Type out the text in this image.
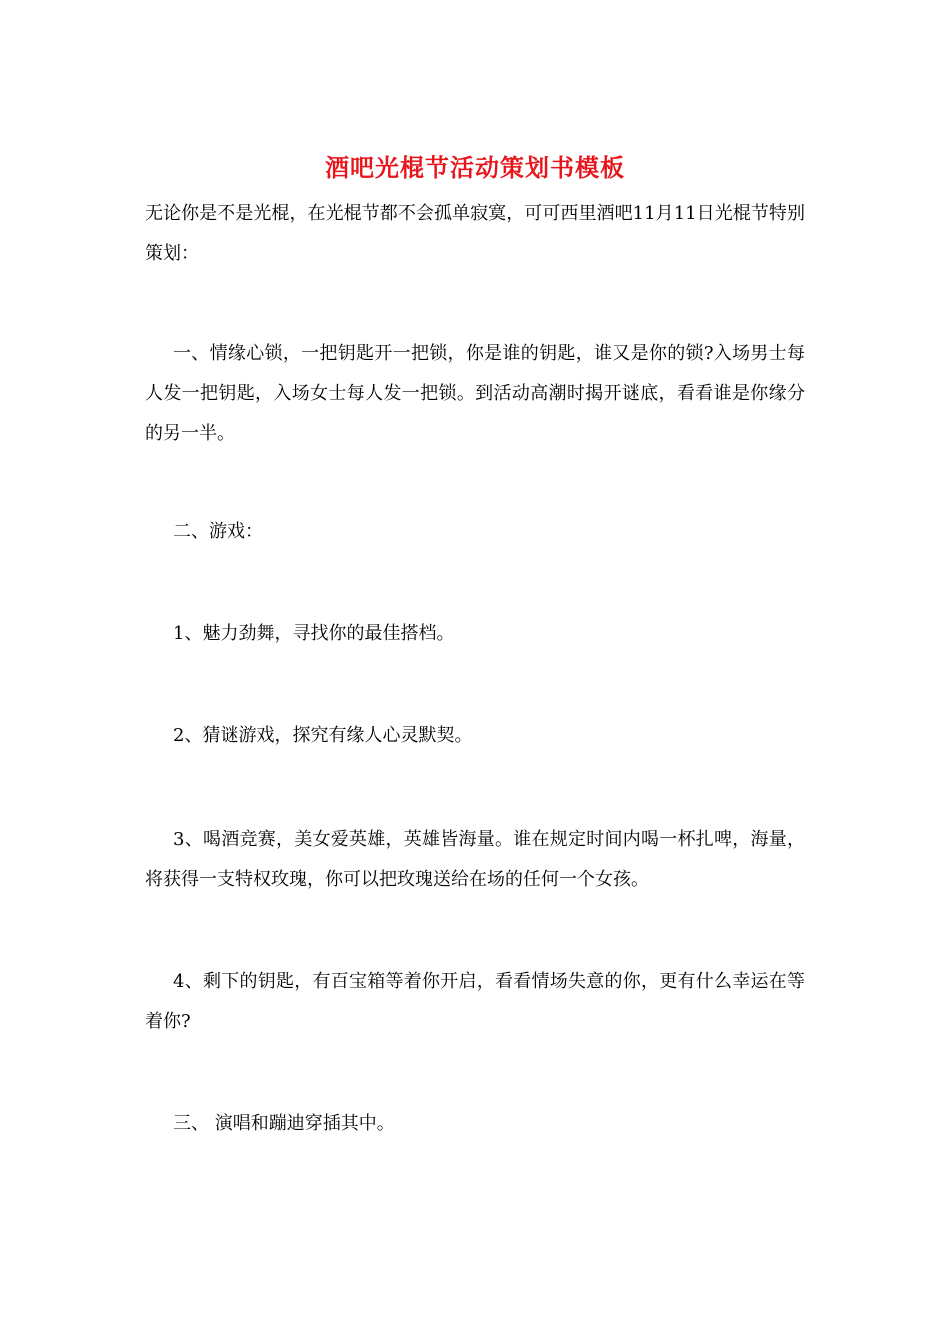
酒吧光棍节活动策划书模板

无论你是不是光棍，在光棍节都不会孤单寂寞，可可西里酒吧11月11日光棍节特别策划：

一、情缘心锁，一把钥匙开一把锁，你是谁的钥匙，谁又是你的锁?入场男士每人发一把钥匙，入场女士每人发一把锁。到活动高潮时揭开谜底，看看谁是你缘分的另一半。

二、游戏：

1、魅力劲舞，寻找你的最佳搭档。

2、猜谜游戏，探究有缘人心灵默契。

3、喝酒竞赛，美女爱英雄，英雄皆海量。谁在规定时间内喝一杯扎啤，海量，将获得一支特权玫瑰，你可以把玫瑰送给在场的任何一个女孩。

4、剩下的钥匙，有百宝箱等着你开启，看看情场失意的你，更有什么幸运在等着你?

三、 演唱和蹦迪穿插其中。
